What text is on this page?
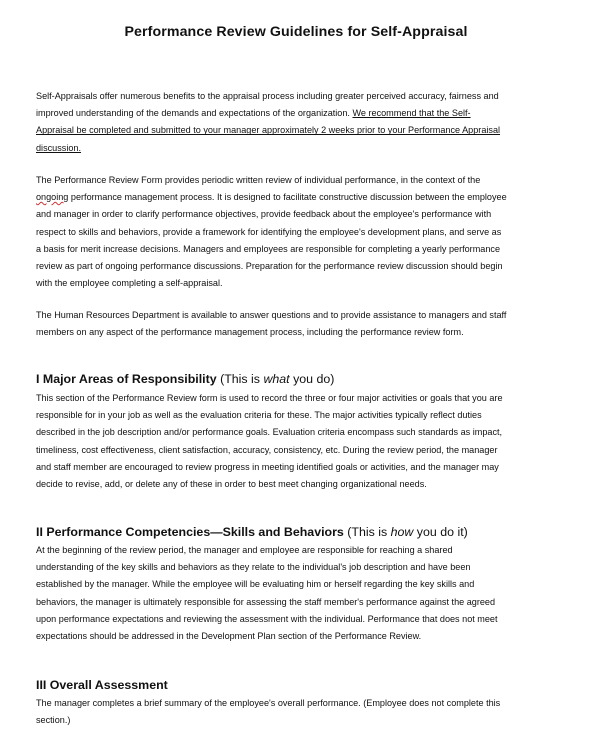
Performance Review Guidelines for Self-Appraisal

Self-Appraisals offer numerous benefits to the appraisal process including greater perceived accuracy, fairness and
improved understanding of the demands and expectations of the organization. We recommend that the Self-
Appraisal be completed and submitted to your manager approximately 2 weeks prior to your Performance Appraisal
discussion.

The Performance Review Form provides periodic written review of individual performance, in the context of the
ongoing performance management process. It is designed to facilitate constructive discussion between the employee
and manager in order to clarify performance objectives, provide feedback about the employee's performance with
respect to skills and behaviors, provide a framework for identifying the employee's development plans, and serve as
a basis for merit increase decisions. Managers and employees are responsible for completing a yearly performance
review as part of ongoing performance discussions. Preparation for the performance review discussion should begin
with the employee completing a self-appraisal.

The Human Resources Department is available to answer questions and to provide assistance to managers and staff
members on any aspect of the performance management process, including the performance review form.

I Major Areas of Responsibility (This is what you do)

This section of the Performance Review form is used to record the three or four major activities or goals that you are
responsible for in your job as well as the evaluation criteria for these. The major activities typically reflect duties
described in the job description and/or performance goals. Evaluation criteria encompass such standards as impact,
timeliness, cost effectiveness, client satisfaction, accuracy, consistency, etc. During the review period, the manager
and staff member are encouraged to review progress in meeting identified goals or activities, and the manager may
decide to revise, add, or delete any of these in order to best meet changing organizational needs.

II Performance Competencies—Skills and Behaviors (This is how you do it)

At the beginning of the review period, the manager and employee are responsible for reaching a shared
understanding of the key skills and behaviors as they relate to the individual's job description and have been
established by the manager. While the employee will be evaluating him or herself regarding the key skills and
behaviors, the manager is ultimately responsible for assessing the staff member's performance against the agreed
upon performance expectations and reviewing the assessment with the individual. Performance that does not meet
expectations should be addressed in the Development Plan section of the Performance Review.

III Overall Assessment

The manager completes a brief summary of the employee's overall performance. (Employee does not complete this
section.)
